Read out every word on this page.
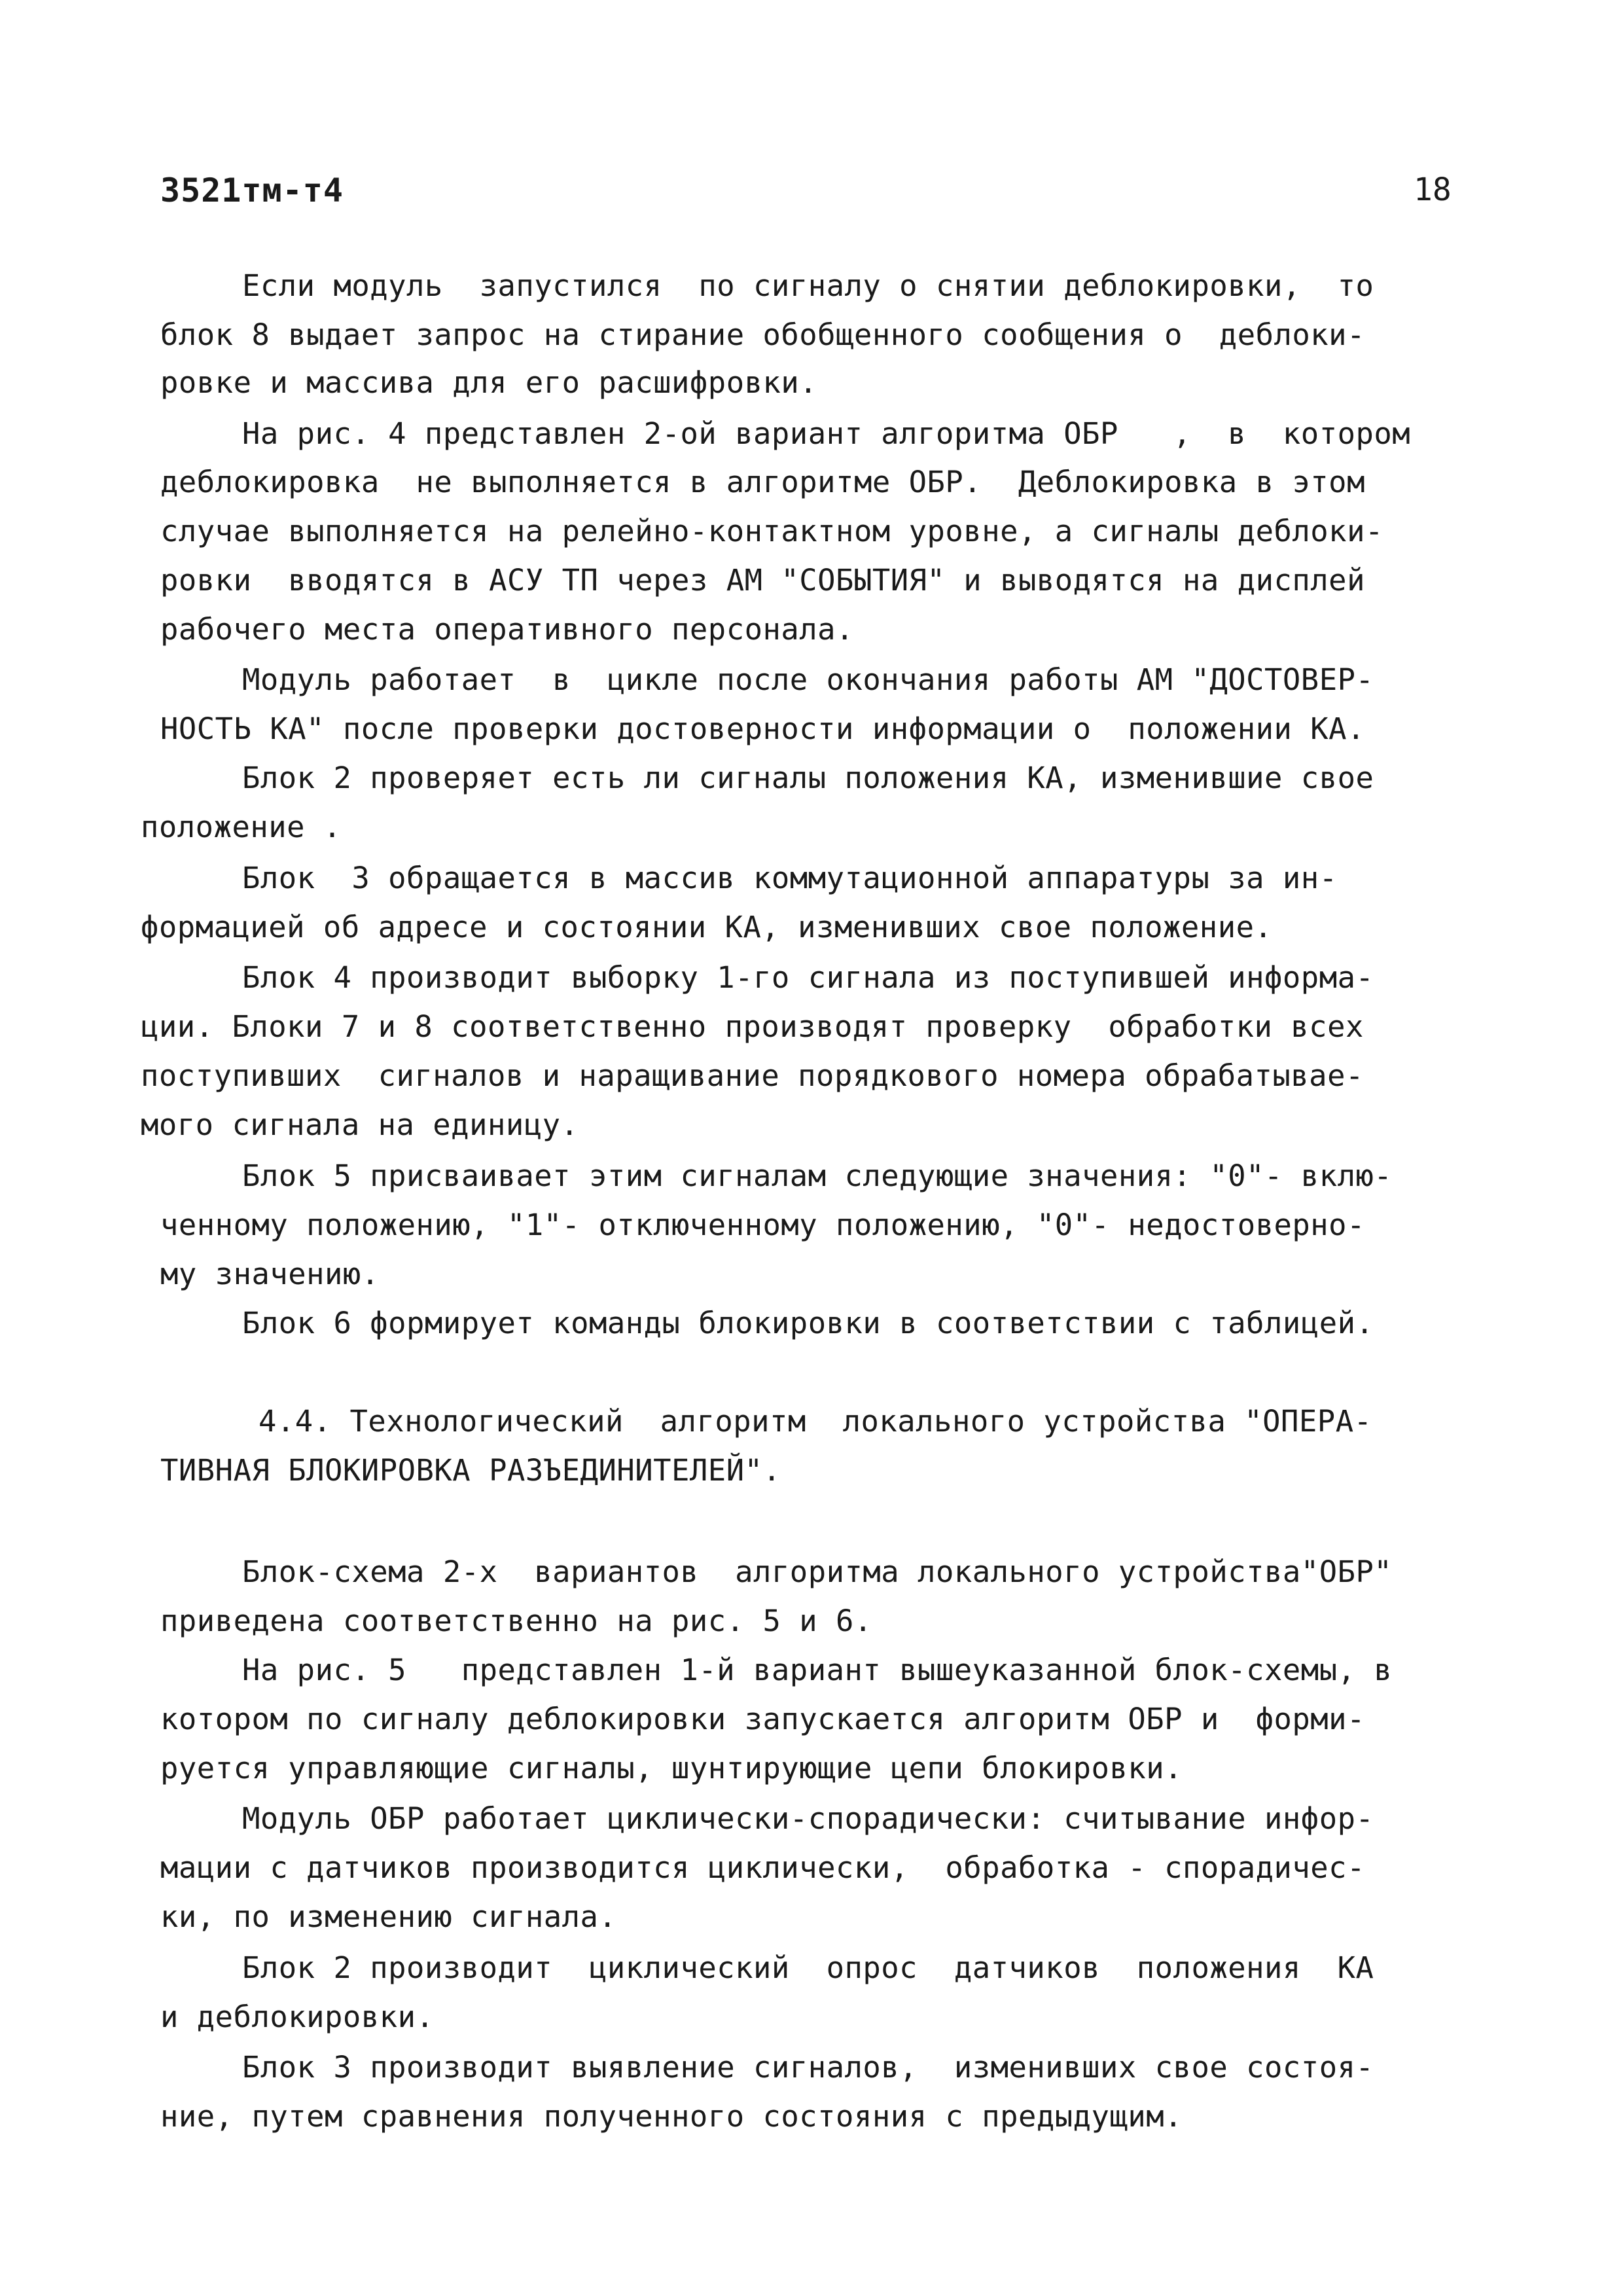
3521тм-т4	18
Если модуль  запустился  по сигналу о снятии деблокировки,  то
блок 8 выдает запрос на стирание обобщенного сообщения о  деблоки-
ровке и массива для его расшифровки.
На рис. 4 представлен 2-ой вариант алгоритма ОБР   ,  в  котором
деблокировка  не выполняется в алгоритме ОБР.  Деблокировка в этом
случае выполняется на релейно-контактном уровне, а сигналы деблоки-
ровки  вводятся в АСУ ТП через АМ "СОБЫТИЯ" и выводятся на дисплей
рабочего места оперативного персонала.
Модуль работает  в  цикле после окончания работы АМ "ДОСТОВЕР-
НОСТЬ КА" после проверки достоверности информации о  положении КА.
Блок 2 проверяет есть ли сигналы положения КА, изменившие свое
положение .
Блок  3 обращается в массив коммутационной аппаратуры за ин-
формацией об адресе и состоянии КА, изменивших свое положение.
Блок 4 производит выборку 1-го сигнала из поступившей информа-
ции. Блоки 7 и 8 соответственно производят проверку  обработки всех
поступивших  сигналов и наращивание порядкового номера обрабатывае-
мого сигнала на единицу.
Блок 5 присваивает этим сигналам следующие значения: "0"- вклю-
ченному положению, "1"- отключенному положению, "0"- недостоверно-
му значению.
Блок 6 формирует команды блокировки в соответствии с таблицей.
4.4. Технологический  алгоритм  локального устройства "ОПЕРА-
ТИВНАЯ БЛОКИРОВКА РАЗЪЕДИНИТЕЛЕЙ".
Блок-схема 2-х  вариантов  алгоритма локального устройства"ОБР"
приведена соответственно на рис. 5 и 6.
На рис. 5   представлен 1-й вариант вышеуказанной блок-схемы, в
котором по сигналу деблокировки запускается алгоритм ОБР и  форми-
руется управляющие сигналы, шунтирующие цепи блокировки.
Модуль ОБР работает циклически-спорадически: считывание инфор-
мации с датчиков производится циклически,  обработка - спорадичес-
ки, по изменению сигнала.
Блок 2 производит  циклический  опрос  датчиков  положения  КА
и деблокировки.
Блок 3 производит выявление сигналов,  изменивших свое состоя-
ние, путем сравнения полученного состояния с предыдущим.
